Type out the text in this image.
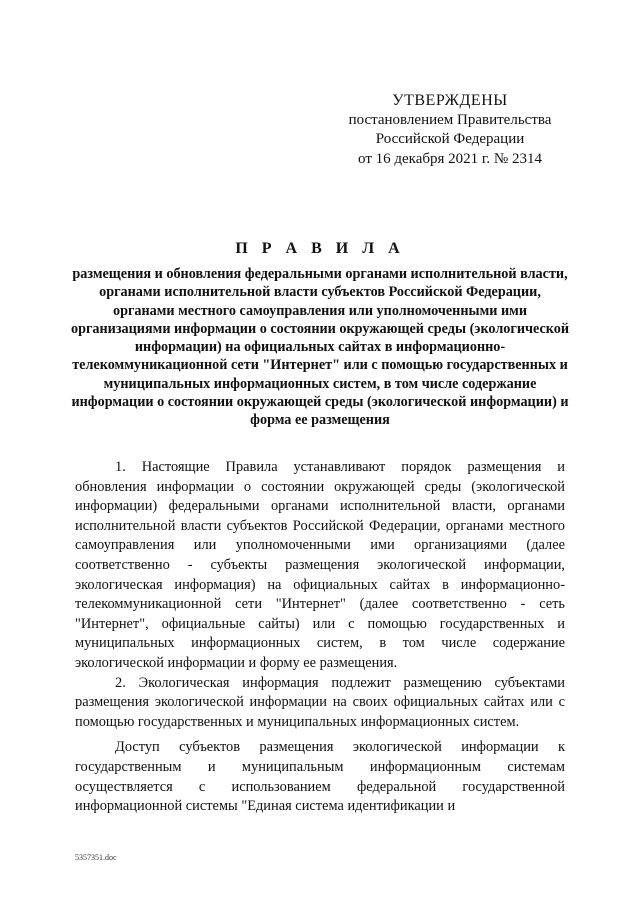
УТВЕРЖДЕНЫ
постановлением Правительства
Российской Федерации
от 16 декабря 2021 г. № 2314
П Р А В И Л А
размещения и обновления федеральными органами исполнительной власти, органами исполнительной власти субъектов Российской Федерации, органами местного самоуправления или уполномоченными ими организациями информации о состоянии окружающей среды (экологической информации) на официальных сайтах в информационно-телекоммуникационной сети "Интернет" или с помощью государственных и муниципальных информационных систем, в том числе содержание информации о состоянии окружающей среды (экологической информации) и форма ее размещения

1. Настоящие Правила устанавливают порядок размещения и обновления информации о состоянии окружающей среды (экологической информации) федеральными органами исполнительной власти, органами исполнительной власти субъектов Российской Федерации, органами местного самоуправления или уполномоченными ими организациями (далее соответственно - субъекты размещения экологической информации, экологическая информация) на официальных сайтах в информационно-телекоммуникационной сети "Интернет" (далее соответственно - сеть "Интернет", официальные сайты) или с помощью государственных и муниципальных информационных систем, в том числе содержание экологической информации и форму ее размещения.

2. Экологическая информация подлежит размещению субъектами размещения экологической информации на своих официальных сайтах или с помощью государственных и муниципальных информационных систем.

Доступ субъектов размещения экологической информации к государственным и муниципальным информационным системам осуществляется с использованием федеральной государственной информационной системы "Единая система идентификации и

5357351.doc
